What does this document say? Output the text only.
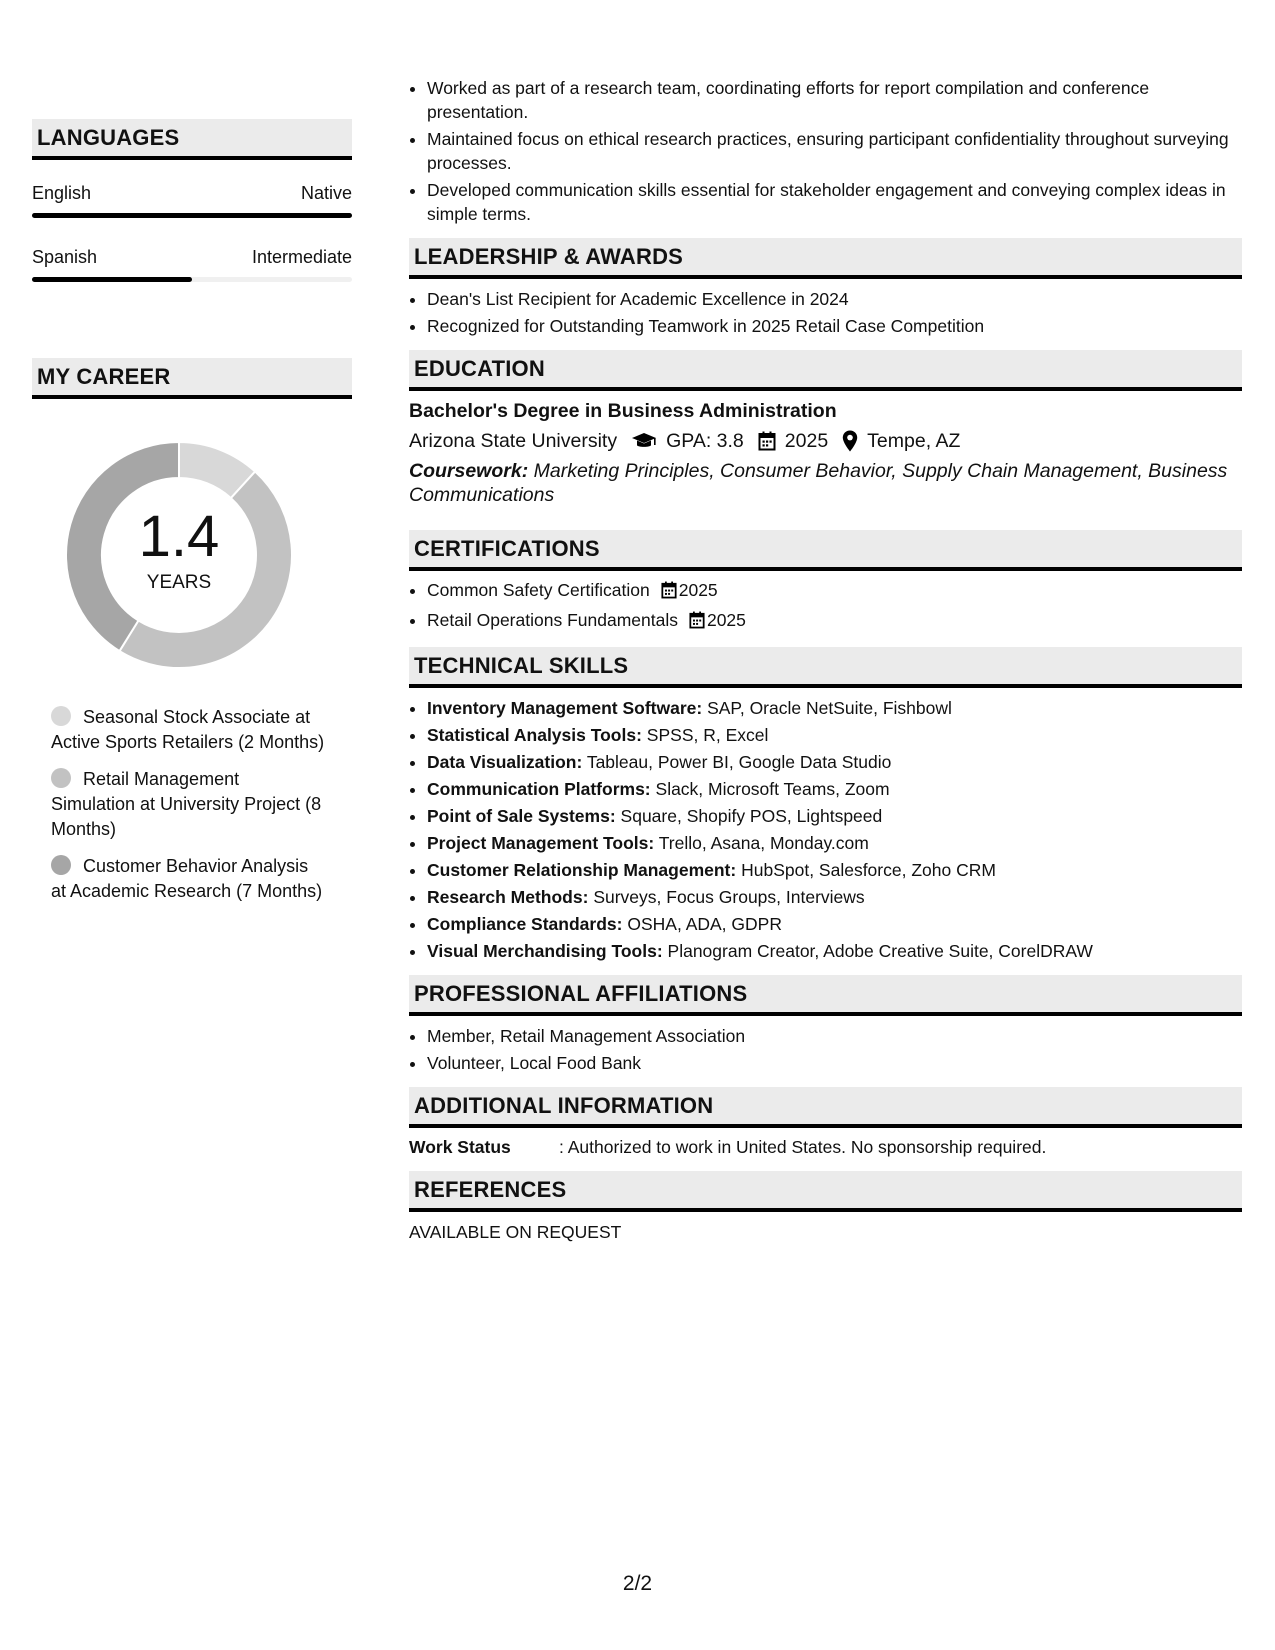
LANGUAGES
English	Native
Spanish	Intermediate
MY CAREER
1.4
YEARS
Seasonal Stock Associate at Active Sports Retailers (2 Months)
Retail Management Simulation at University Project (8 Months)
Customer Behavior Analysis at Academic Research (7 Months)
• Worked as part of a research team, coordinating efforts for report compilation and conference presentation.
• Maintained focus on ethical research practices, ensuring participant confidentiality throughout surveying processes.
• Developed communication skills essential for stakeholder engagement and conveying complex ideas in simple terms.
LEADERSHIP & AWARDS
• Dean's List Recipient for Academic Excellence in 2024
• Recognized for Outstanding Teamwork in 2025 Retail Case Competition
EDUCATION
Bachelor's Degree in Business Administration
Arizona State University	GPA: 3.8 2025 Tempe, AZ
Coursework: Marketing Principles, Consumer Behavior, Supply Chain Management, Business Communications
CERTIFICATIONS
• Common Safety Certification 2025
• Retail Operations Fundamentals 2025
TECHNICAL SKILLS
• Inventory Management Software: SAP, Oracle NetSuite, Fishbowl
• Statistical Analysis Tools: SPSS, R, Excel
• Data Visualization: Tableau, Power BI, Google Data Studio
• Communication Platforms: Slack, Microsoft Teams, Zoom
• Point of Sale Systems: Square, Shopify POS, Lightspeed
• Project Management Tools: Trello, Asana, Monday.com
• Customer Relationship Management: HubSpot, Salesforce, Zoho CRM
• Research Methods: Surveys, Focus Groups, Interviews
• Compliance Standards: OSHA, ADA, GDPR
• Visual Merchandising Tools: Planogram Creator, Adobe Creative Suite, CorelDRAW
PROFESSIONAL AFFILIATIONS
• Member, Retail Management Association
• Volunteer, Local Food Bank
ADDITIONAL INFORMATION
Work Status	: Authorized to work in United States. No sponsorship required.
REFERENCES
AVAILABLE ON REQUEST
2/2
